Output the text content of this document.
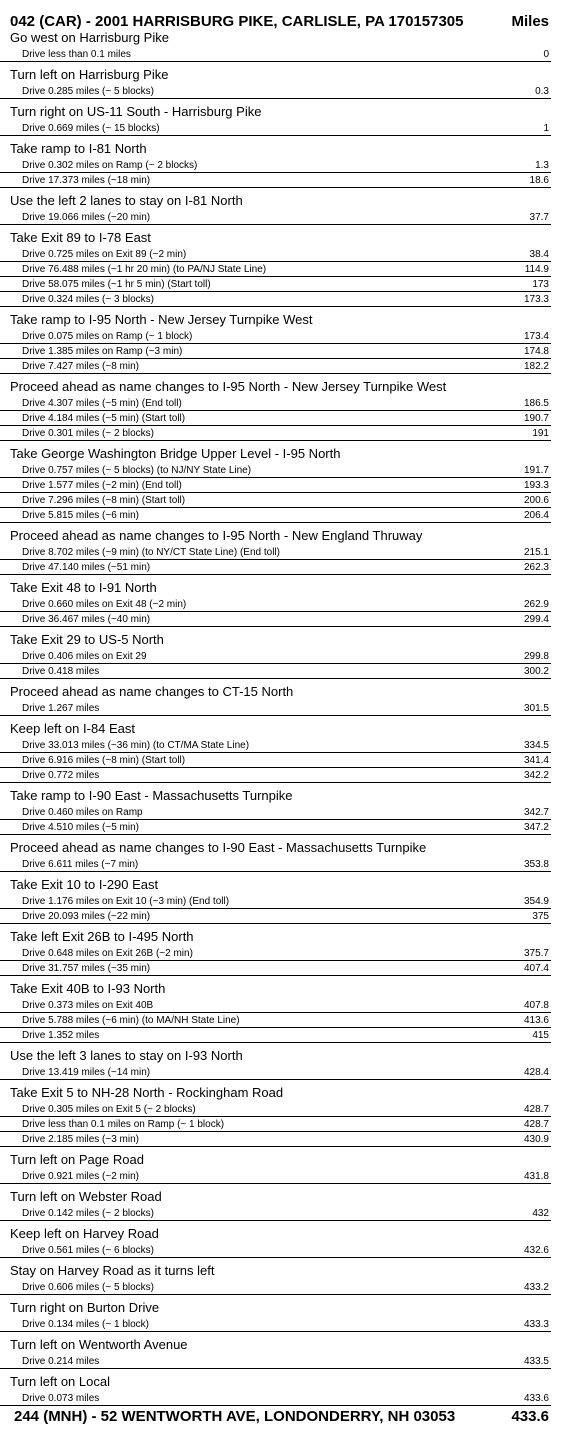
042 (CAR) - 2001 HARRISBURG PIKE, CARLISLE, PA 170157305	Miles
Go west on Harrisburg Pike
Drive less than 0.1 miles	0
Turn left on Harrisburg Pike
Drive 0.285 miles (~ 5 blocks)	0.3
Turn right on US-11 South - Harrisburg Pike
Drive 0.669 miles (~ 15 blocks)	1
Take ramp to I-81 North
Drive 0.302 miles on Ramp (~ 2 blocks)	1.3
Drive 17.373 miles (~18 min)	18.6
Use the left 2 lanes to stay on I-81 North
Drive 19.066 miles (~20 min)	37.7
Take Exit 89 to I-78 East
Drive 0.725 miles on Exit 89 (~2 min)	38.4
Drive 76.488 miles (~1 hr 20 min) (to PA/NJ State Line)	114.9
Drive 58.075 miles (~1 hr 5 min) (Start toll)	173
Drive 0.324 miles (~ 3 blocks)	173.3
Take ramp to I-95 North - New Jersey Turnpike West
Drive 0.075 miles on Ramp (~ 1 block)	173.4
Drive 1.385 miles on Ramp (~3 min)	174.8
Drive 7.427 miles (~8 min)	182.2
Proceed ahead as name changes to I-95 North - New Jersey Turnpike West
Drive 4.307 miles (~5 min) (End toll)	186.5
Drive 4.184 miles (~5 min) (Start toll)	190.7
Drive 0.301 miles (~ 2 blocks)	191
Take George Washington Bridge Upper Level - I-95 North
Drive 0.757 miles (~ 5 blocks) (to NJ/NY State Line)	191.7
Drive 1.577 miles (~2 min) (End toll)	193.3
Drive 7.296 miles (~8 min) (Start toll)	200.6
Drive 5.815 miles (~6 min)	206.4
Proceed ahead as name changes to I-95 North - New England Thruway
Drive 8.702 miles (~9 min) (to NY/CT State Line) (End toll)	215.1
Drive 47.140 miles (~51 min)	262.3
Take Exit 48 to I-91 North
Drive 0.660 miles on Exit 48 (~2 min)	262.9
Drive 36.467 miles (~40 min)	299.4
Take Exit 29 to US-5 North
Drive 0.406 miles on Exit 29	299.8
Drive 0.418 miles	300.2
Proceed ahead as name changes to CT-15 North
Drive 1.267 miles	301.5
Keep left on I-84 East
Drive 33.013 miles (~36 min) (to CT/MA State Line)	334.5
Drive 6.916 miles (~8 min) (Start toll)	341.4
Drive 0.772 miles	342.2
Take ramp to I-90 East - Massachusetts Turnpike
Drive 0.460 miles on Ramp	342.7
Drive 4.510 miles (~5 min)	347.2
Proceed ahead as name changes to I-90 East - Massachusetts Turnpike
Drive 6.611 miles (~7 min)	353.8
Take Exit 10 to I-290 East
Drive 1.176 miles on Exit 10 (~3 min) (End toll)	354.9
Drive 20.093 miles (~22 min)	375
Take left Exit 26B to I-495 North
Drive 0.648 miles on Exit 26B (~2 min)	375.7
Drive 31.757 miles (~35 min)	407.4
Take Exit 40B to I-93 North
Drive 0.373 miles on Exit 40B	407.8
Drive 5.788 miles (~6 min) (to MA/NH State Line)	413.6
Drive 1.352 miles	415
Use the left 3 lanes to stay on I-93 North
Drive 13.419 miles (~14 min)	428.4
Take Exit 5 to NH-28 North - Rockingham Road
Drive 0.305 miles on Exit 5 (~ 2 blocks)	428.7
Drive less than 0.1 miles on Ramp (~ 1 block)	428.7
Drive 2.185 miles (~3 min)	430.9
Turn left on Page Road
Drive 0.921 miles (~2 min)	431.8
Turn left on Webster Road
Drive 0.142 miles (~ 2 blocks)	432
Keep left on Harvey Road
Drive 0.561 miles (~ 6 blocks)	432.6
Stay on Harvey Road as it turns left
Drive 0.606 miles (~ 5 blocks)	433.2
Turn right on Burton Drive
Drive 0.134 miles (~ 1 block)	433.3
Turn left on Wentworth Avenue
Drive 0.214 miles	433.5
Turn left on Local
Drive 0.073 miles	433.6
244 (MNH) - 52 WENTWORTH AVE, LONDONDERRY, NH 03053	433.6
